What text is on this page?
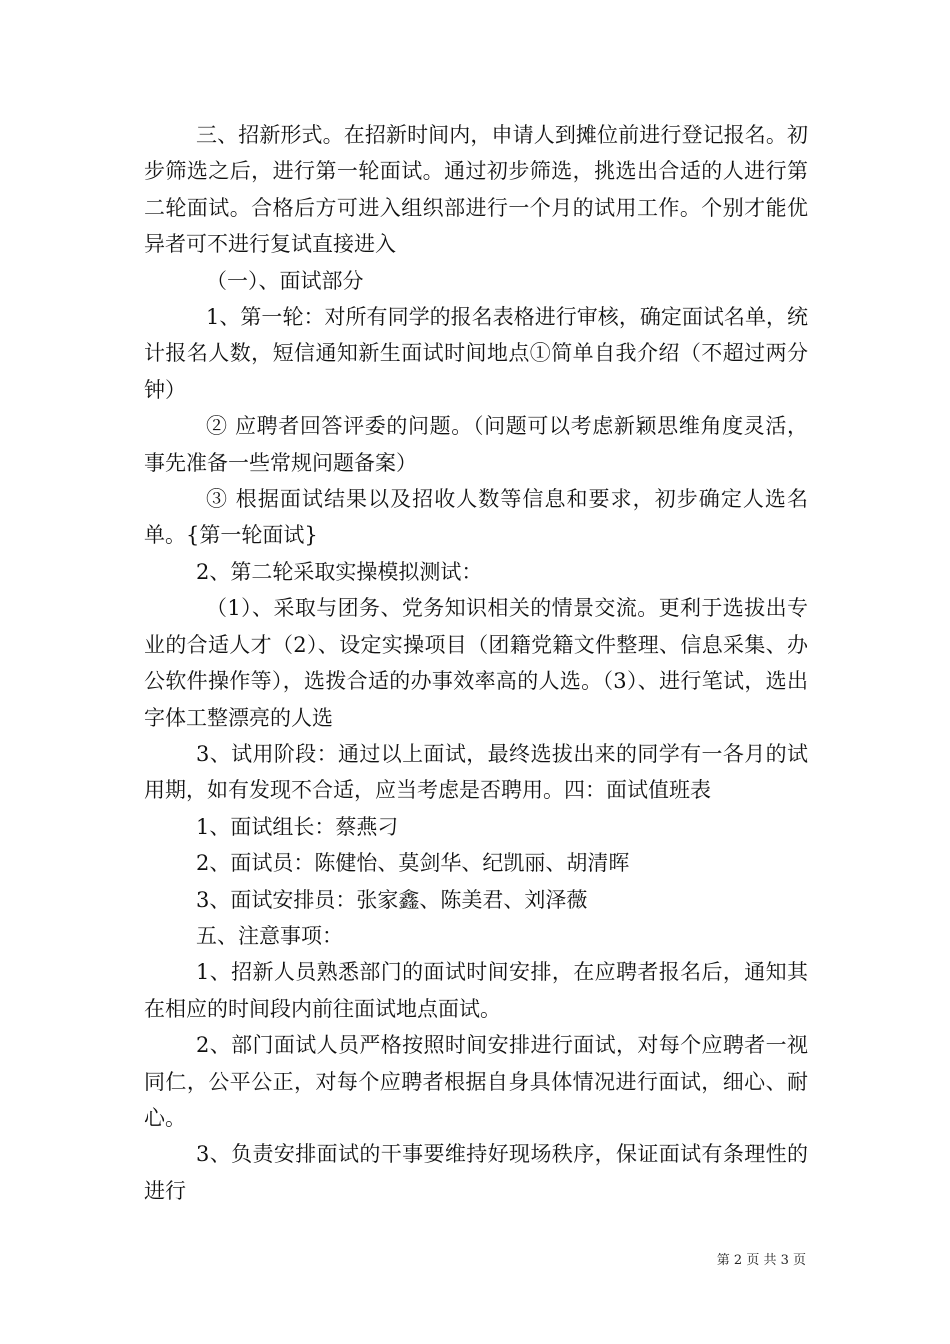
三、招新形式。在招新时间内，申请人到摊位前进行登记报名。初步筛选之后，进行第一轮面试。通过初步筛选，挑选出合适的人进行第二轮面试。合格后方可进入组织部进行一个月的试用工作。个别才能优异者可不进行复试直接进入

（一）、面试部分

1、第一轮：对所有同学的报名表格进行审核，确定面试名单，统计报名人数，短信通知新生面试时间地点①简单自我介绍（不超过两分钟）

② 应聘者回答评委的问题。（问题可以考虑新颖思维角度灵活，事先准备一些常规问题备案）

③ 根据面试结果以及招收人数等信息和要求，初步确定人选名单。{第一轮面试}

2、第二轮采取实操模拟测试：

（1）、采取与团务、党务知识相关的情景交流。更利于选拔出专业的合适人才（2）、设定实操项目（团籍党籍文件整理、信息采集、办公软件操作等），选拨合适的办事效率高的人选。（3）、进行笔试，选出字体工整漂亮的人选

3、试用阶段：通过以上面试，最终选拔出来的同学有一各月的试用期，如有发现不合适，应当考虑是否聘用。四：面试值班表

1、面试组长：蔡燕刁

2、面试员：陈健怡、莫剑华、纪凯丽、胡清晖

3、面试安排员：张家鑫、陈美君、刘泽薇

五、注意事项：

1、招新人员熟悉部门的面试时间安排，在应聘者报名后，通知其在相应的时间段内前往面试地点面试。

2、部门面试人员严格按照时间安排进行面试，对每个应聘者一视同仁，公平公正，对每个应聘者根据自身具体情况进行面试，细心、耐心。

3、负责安排面试的干事要维持好现场秩序，保证面试有条理性的进行

第 2 页 共 3 页
